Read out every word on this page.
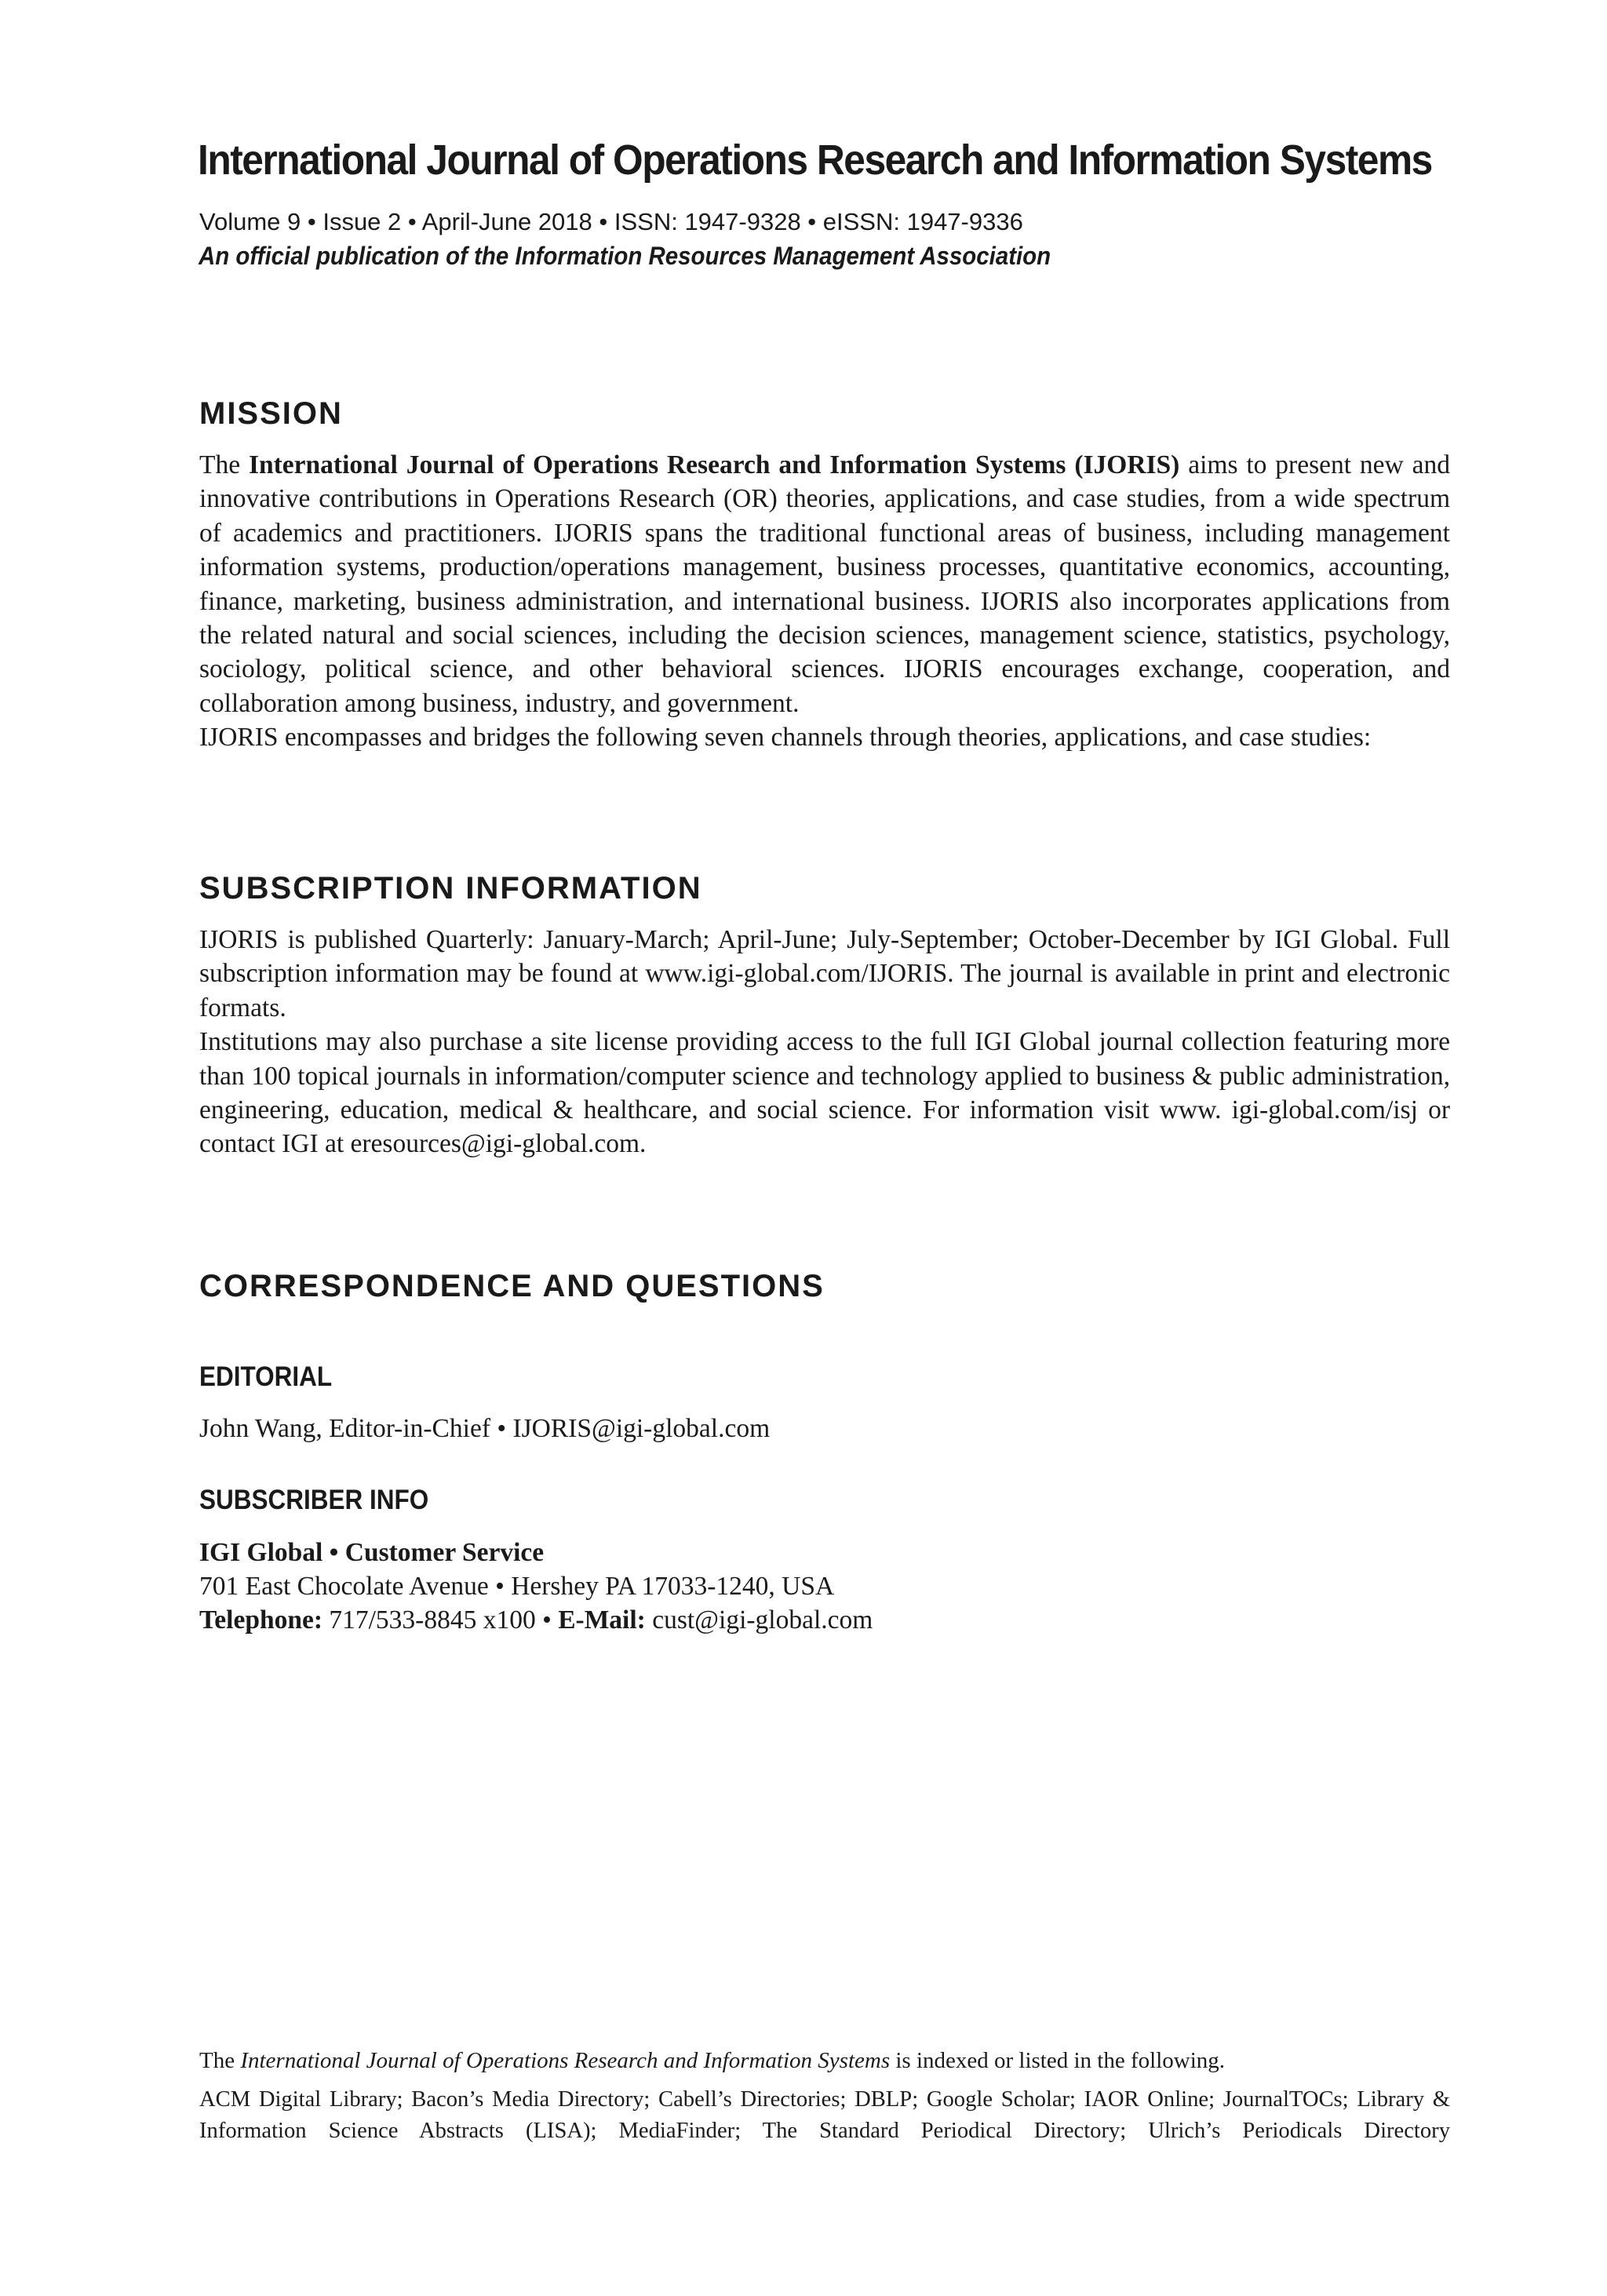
International Journal of Operations Research and Information Systems
Volume 9 • Issue 2 • April-June 2018 • ISSN: 1947-9328 • eISSN: 1947-9336
An official publication of the Information Resources Management Association
MISSION

The International Journal of Operations Research and Information Systems (IJORIS) aims to present new and innovative contributions in Operations Research (OR) theories, applications, and case studies, from a wide spectrum of academics and practitioners. IJORIS spans the traditional functional areas of business, including management information systems, production/operations management, business processes, quantitative economics, accounting, finance, marketing, business administration, and international business. IJORIS also incorporates applications from the related natural and social sciences, including the decision sciences, management science, statistics, psychology, sociology, political science, and other behavioral sciences. IJORIS encourages exchange, cooperation, and collaboration among business, industry, and government.

IJORIS encompasses and bridges the following seven channels through theories, applications, and case studies:

SUBSCRIPTION INFORMATION

IJORIS is published Quarterly: January-March; April-June; July-September; October-December by IGI Global. Full subscription information may be found at www.igi-global.com/IJORIS. The journal is available in print and electronic formats.

Institutions may also purchase a site license providing access to the full IGI Global journal collection featuring more than 100 topical journals in information/computer science and technology applied to business & public administration, engineering, education, medical & healthcare, and social science. For information visit www. igi-global.com/isj or contact IGI at eresources@igi-global.com.

CORRESPONDENCE AND QUESTIONS
EDITORIAL
John Wang, Editor-in-Chief • IJORIS@igi-global.com
SUBSCRIBER INFO
IGI Global • Customer Service
701 East Chocolate Avenue • Hershey PA 17033-1240, USA
Telephone: 717/533-8845 x100 • E-Mail: cust@igi-global.com

The International Journal of Operations Research and Information Systems is indexed or listed in the following.

ACM Digital Library; Bacon’s Media Directory; Cabell’s Directories; DBLP; Google Scholar; IAOR Online; JournalTOCs; Library & Information Science Abstracts (LISA); MediaFinder; The Standard Periodical Directory; Ulrich’s Periodicals Directory
